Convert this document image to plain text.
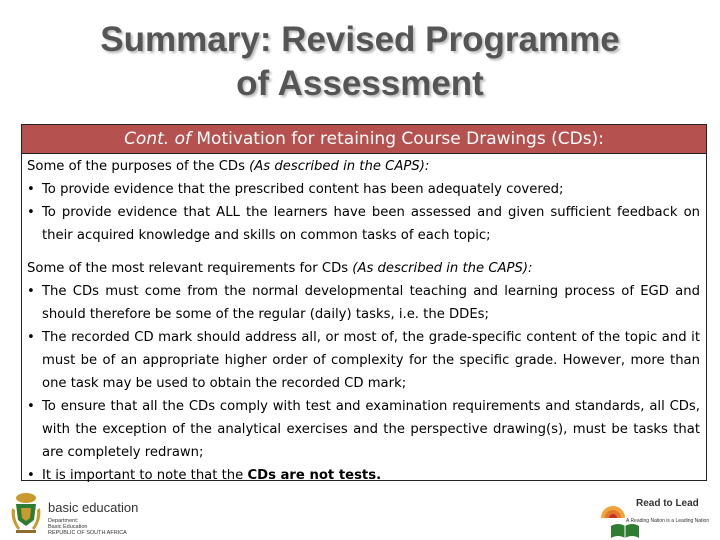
Summary: Revised Programme
of Assessment
Cont. of Motivation for retaining Course Drawings (CDs):
Some of the purposes of the CDs (As described in the CAPS):
• To provide evidence that the prescribed content has been adequately covered;
• To provide evidence that ALL the learners have been assessed and given sufficient feedback on their acquired knowledge and skills on common tasks of each topic;
Some of the most relevant requirements for CDs (As described in the CAPS):
• The CDs must come from the normal developmental teaching and learning process of EGD and should therefore be some of the regular (daily) tasks, i.e. the DDEs;
• The recorded CD mark should address all, or most of, the grade-specific content of the topic and it must be of an appropriate higher order of complexity for the specific grade. However, more than one task may be used to obtain the recorded CD mark;
• To ensure that all the CDs comply with test and examination requirements and standards, all CDs, with the exception of the analytical exercises and the perspective drawing(s), must be tasks that are completely redrawn;
• It is important to note that the CDs are not tests.
basic education
Department:
Basic Education
REPUBLIC OF SOUTH AFRICA
Read to Lead
A Reading Nation is a Leading Nation
